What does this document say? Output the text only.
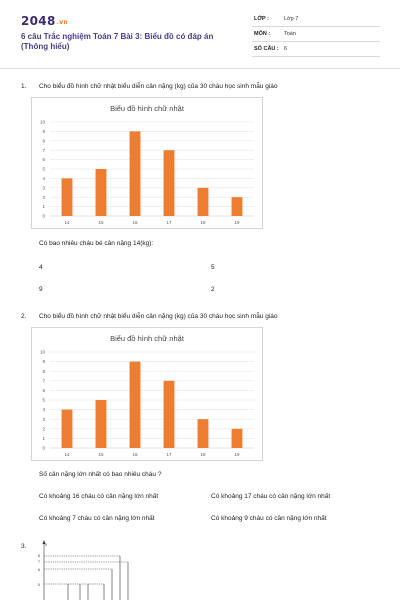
2048.vn
6 câu Trắc nghiệm Toán 7 Bài 3: Biểu đồ có đáp án (Thông hiểu)
LỚP :	Lớp 7
MÔN :	Toán
SỐ CÂU : 6
1. Cho biểu đồ hình chữ nhật biểu diễn cân nặng (kg) của 30 cháu học sinh mẫu giáo
Biểu đồ hình chữ nhật
0
1
2
3
4
5
6
7
8
9
10
14	15	16	17	18	19
Có bao nhiêu cháu bé cân nặng 14(kg):
4	5
9	2
2. Cho biểu đồ hình chữ nhật biểu diễn cân nặng (kg) của 30 cháu học sinh mẫu giáo
Biểu đồ hình chữ nhật
0
1
2
3
4
5
6
7
8
9
10
14	15	16	17	18	19
Số cân nặng lớn nhất có bao nhiêu cháu ?
Có khoảng 16 cháu có cân nặng lớn nhất	Có khoảng 17 cháu có cân nặng lớn nhất
Có khoảng 7 cháu có cân nặng lớn nhất	Có khoảng 9 cháu có cân nặng lớn nhất
3.	9
8
7
6
5
